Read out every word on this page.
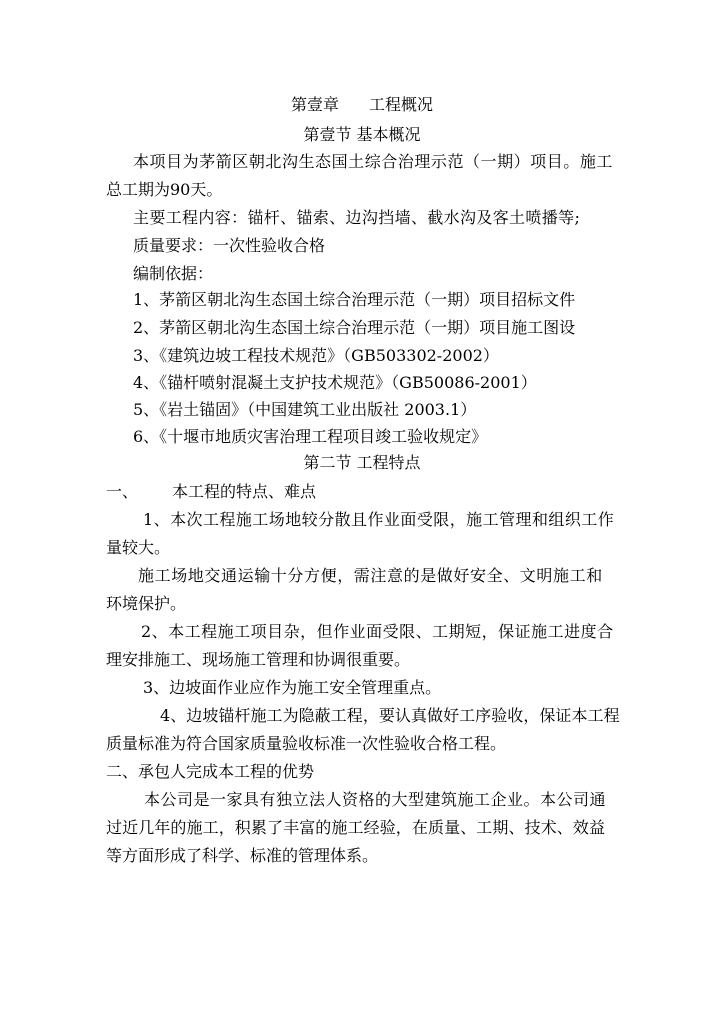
第壹章 工程概况
第壹节 基本概况
本项目为茅箭区朝北沟生态国土综合治理示范（一期）项目。施工
总工期为90天。
主要工程内容：锚杆、锚索、边沟挡墙、截水沟及客土喷播等;
质量要求：一次性验收合格
编制依据：
1、茅箭区朝北沟生态国土综合治理示范（一期）项目招标文件
2、茅箭区朝北沟生态国土综合治理示范（一期）项目施工图设
3、《建筑边坡工程技术规范》（GB503302-2002）
4、《锚杆喷射混凝土支护技术规范》（GB50086-2001）
5、《岩土锚固》（中国建筑工业出版社 2003.1）
6、《十堰市地质灾害治理工程项目竣工验收规定》
第二节 工程特点
一、 本工程的特点、难点
1、本次工程施工场地较分散且作业面受限，施工管理和组织工作
量较大。
施工场地交通运输十分方便，需注意的是做好安全、文明施工和
环境保护。
2、本工程施工项目杂，但作业面受限、工期短，保证施工进度合
理安排施工、现场施工管理和协调很重要。
3、边坡面作业应作为施工安全管理重点。
4、边坡锚杆施工为隐蔽工程，要认真做好工序验收，保证本工程
质量标准为符合国家质量验收标准一次性验收合格工程。
二、承包人完成本工程的优势
本公司是一家具有独立法人资格的大型建筑施工企业。本公司通
过近几年的施工，积累了丰富的施工经验，在质量、工期、技术、效益
等方面形成了科学、标准的管理体系。
